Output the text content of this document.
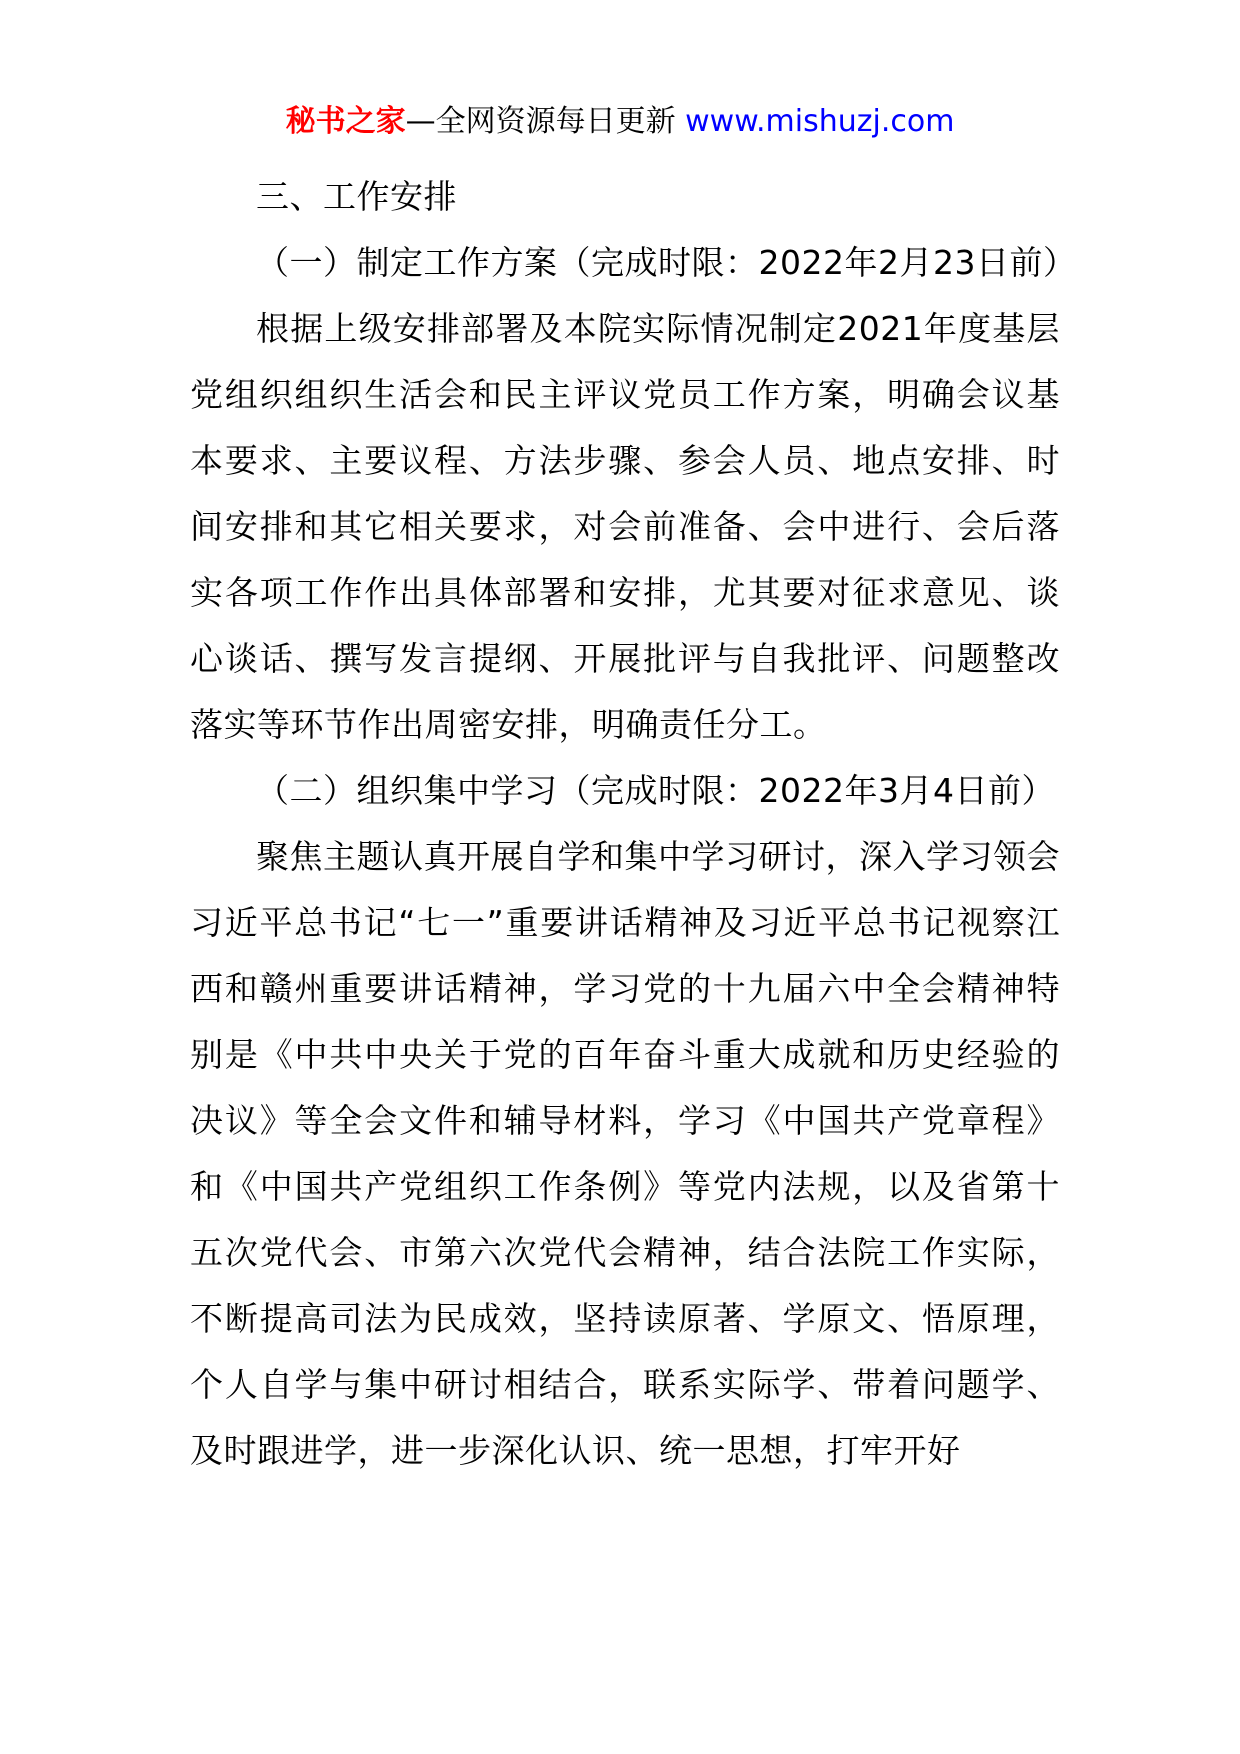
秘书之家—全网资源每日更新 www.mishuzj.com

三、工作安排

（一）制定工作方案（完成时限：2022年2月23日前）

根据上级安排部署及本院实际情况制定2021年度基层党组织组织生活会和民主评议党员工作方案，明确会议基本要求、主要议程、方法步骤、参会人员、地点安排、时间安排和其它相关要求，对会前准备、会中进行、会后落实各项工作作出具体部署和安排，尤其要对征求意见、谈心谈话、撰写发言提纲、开展批评与自我批评、问题整改落实等环节作出周密安排，明确责任分工。

（二）组织集中学习（完成时限：2022年3月4日前）

聚焦主题认真开展自学和集中学习研讨，深入学习领会习近平总书记“七一”重要讲话精神及习近平总书记视察江西和赣州重要讲话精神，学习党的十九届六中全会精神特别是《中共中央关于党的百年奋斗重大成就和历史经验的决议》等全会文件和辅导材料，学习《中国共产党章程》和《中国共产党组织工作条例》等党内法规，以及省第十五次党代会、市第六次党代会精神，结合法院工作实际，不断提高司法为民成效，坚持读原著、学原文、悟原理，个人自学与集中研讨相结合，联系实际学、带着问题学、及时跟进学，进一步深化认识、统一思想，打牢开好
